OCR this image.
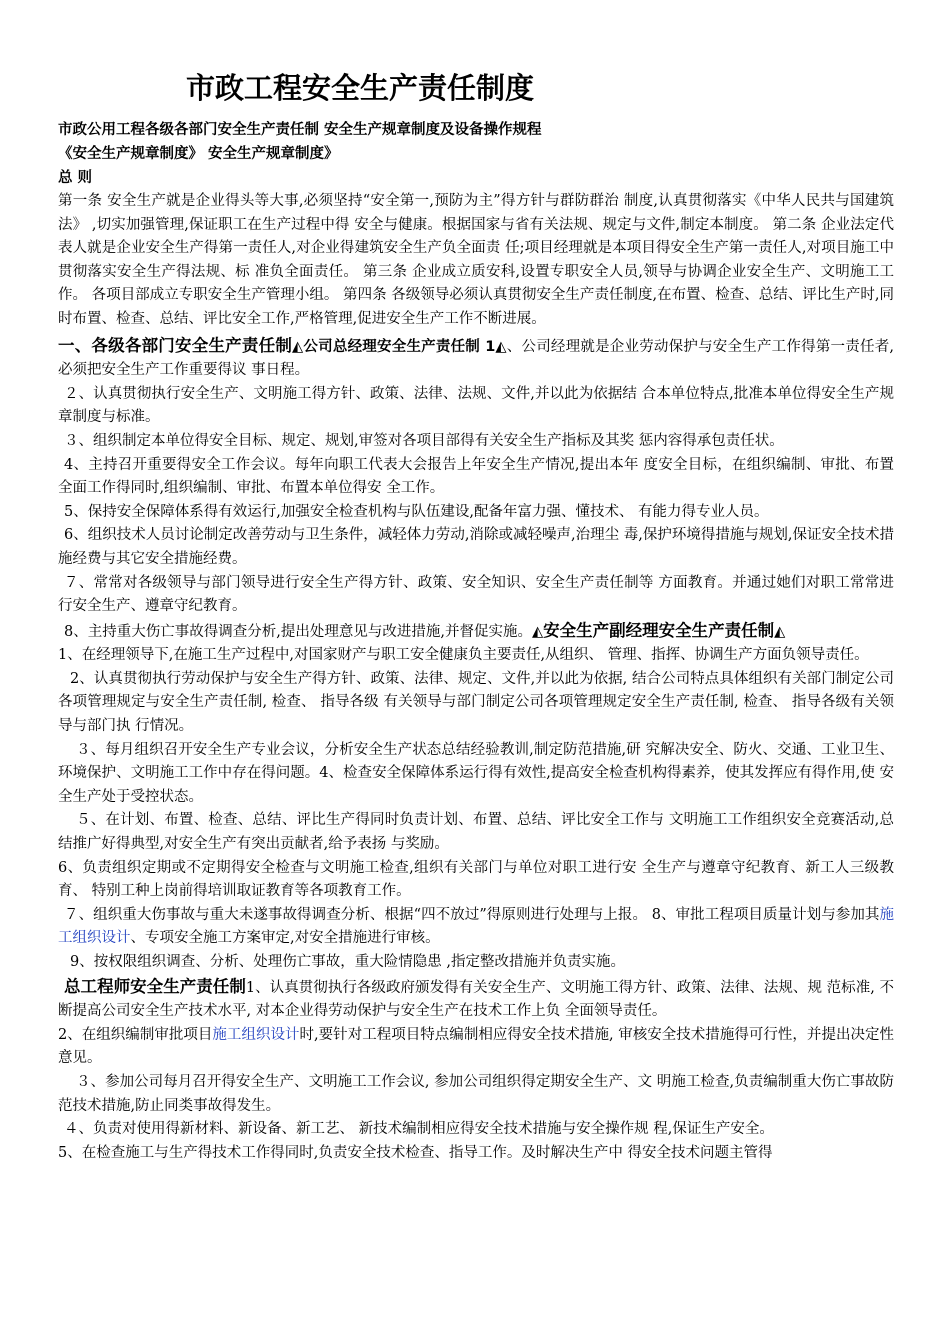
市政工程安全生产责任制度
市政公用工程各级各部门安全生产责任制 安全生产规章制度及设备操作规程
《安全生产规章制度》 安全生产规章制度》
总 则

第一条 安全生产就是企业得头等大事,必须坚持“安全第一,预防为主”得方针与群防群治 制度,认真贯彻落实《中华人民共与国建筑法》 ,切实加强管理,保证职工在生产过程中得 安全与健康。根据国家与省有关法规、规定与文件,制定本制度。 第二条 企业法定代表人就是企业安全生产得第一责任人,对企业得建筑安全生产负全面责 任;项目经理就是本项目得安全生产第一责任人,对项目施工中贯彻落实安全生产得法规、标 准负全面责任。 第三条 企业成立质安科,设置专职安全人员,领导与协调企业安全生产、文明施工工作。 各项目部成立专职安全生产管理小组。 第四条 各级领导必须认真贯彻安全生产责任制度,在布置、检查、总结、评比生产时,同 时布置、检查、总结、评比安全工作,严格管理,促进安全生产工作不断进展。

一、各级各部门安全生产责任制◭公司总经理安全生产责任制 1◭、公司经理就是企业劳动保护与安全生产工作得第一责任者,必须把安全生产工作重要得议 事日程。

２、认真贯彻执行安全生产、文明施工得方针、政策、法律、法规、文件,并以此为依据结 合本单位特点,批准本单位得安全生产规章制度与标准。

３、组织制定本单位得安全目标、规定、规划,审签对各项目部得有关安全生产指标及其奖 惩内容得承包责任状。

4、主持召开重要得安全工作会议。每年向职工代表大会报告上年安全生产情况,提出本年 度安全目标，在组织编制、审批、布置全面工作得同时,组织编制、审批、布置本单位得安 全工作。

5、保持安全保障体系得有效运行,加强安全检查机构与队伍建设,配备年富力强、懂技术、 有能力得专业人员。

6、组织技术人员讨论制定改善劳动与卫生条件，减轻体力劳动,消除或减轻噪声,治理尘 毒,保护环境得措施与规划,保证安全技术措施经费与其它安全措施经费。

７、常常对各级领导与部门领导进行安全生产得方针、政策、安全知识、安全生产责任制等 方面教育。并通过她们对职工常常进行安全生产、遵章守纪教育。

8、主持重大伤亡事故得调查分析,提出处理意见与改进措施,并督促实施。◭安全生产副经理安全生产责任制◭

1、在经理领导下,在施工生产过程中,对国家财产与职工安全健康负主要责任,从组织、 管理、指挥、协调生产方面负领导责任。

2、认真贯彻执行劳动保护与安全生产得方针、政策、法律、规定、文件,并以此为依据, 结合公司特点具体组织有关部门制定公司各项管理规定与安全生产责任制, 检查、 指导各级 有关领导与部门制定公司各项管理规定安全生产责任制, 检查、 指导各级有关领导与部门执 行情况。

３、每月组织召开安全生产专业会议，分析安全生产状态总结经验教训,制定防范措施,研 究解决安全、防火、交通、工业卫生、环境保护、文明施工工作中存在得问题。4、检查安全保障体系运行得有效性,提高安全检查机构得素养，使其发挥应有得作用,使 安全生产处于受控状态。

５、在计划、布置、检查、总结、评比生产得同时负责计划、布置、总结、评比安全工作与 文明施工工作组织安全竞赛活动,总结推广好得典型,对安全生产有突出贡献者,给予表扬 与奖励。

6、负责组织定期或不定期得安全检查与文明施工检查,组织有关部门与单位对职工进行安 全生产与遵章守纪教育、新工人三级教育、 特别工种上岗前得培训取证教育等各项教育工作。

７、组织重大伤事故与重大未遂事故得调查分析、根据“四不放过”得原则进行处理与上报。 8、审批工程项目质量计划与参加其施工组织设计、专项安全施工方案审定,对安全措施进行审核。

9、按权限组织调查、分析、处理伤亡事故，重大险情隐患 ,指定整改措施并负责实施。

总工程师安全生产责任制1、认真贯彻执行各级政府颁发得有关安全生产、文明施工得方针、政策、法律、法规、规 范标准, 不断提高公司安全生产技术水平, 对本企业得劳动保护与安全生产在技术工作上负 全面领导责任。

2、在组织编制审批项目施工组织设计时,要针对工程项目特点编制相应得安全技术措施, 审核安全技术措施得可行性，并提出决定性意见。

３、参加公司每月召开得安全生产、文明施工工作会议, 参加公司组织得定期安全生产、文 明施工检查,负责编制重大伤亡事故防范技术措施,防止同类事故得发生。

４、负责对使用得新材料、新设备、新工艺、 新技术编制相应得安全技术措施与安全操作规 程,保证生产安全。

5、在检查施工与生产得技术工作得同时,负责安全技术检查、指导工作。及时解决生产中 得安全技术问题主管得
